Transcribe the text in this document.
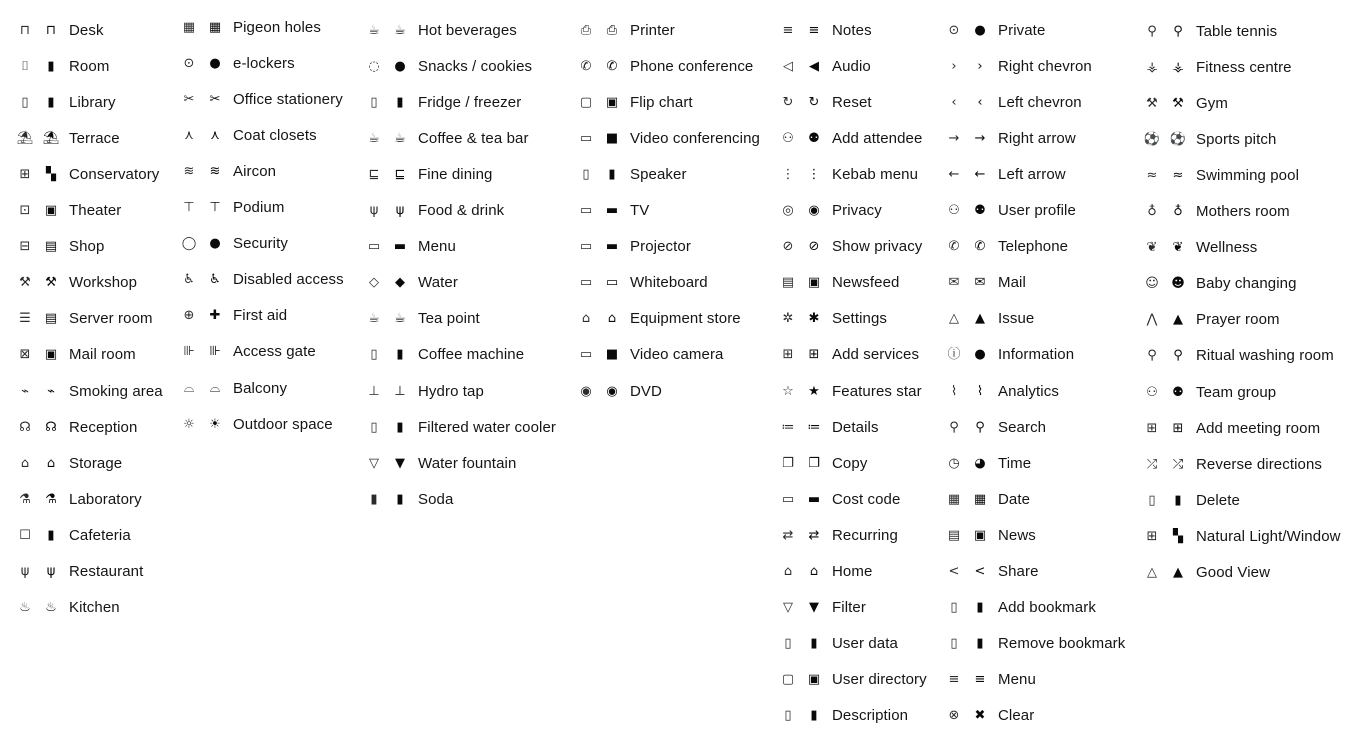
⊓ ⊓ Desk
⌷	▮ Room
▯	▮ Library
⛱ ⛱ Terrace
⊞ ▚ Conservatory
⊡ ▣ Theater
⊟ ▤ Shop
⚒ ⚒ Workshop
☰ ▤ Server room
⊠ ▣ Mail room
⌁	⌁ Smoking area
☊ ☊ Reception
⌂ ⌂ Storage
⚗ ⚗ Laboratory
☐	▮ Cafeteria
ψ ψ Restaurant
♨ ♨ Kitchen
▦ ▦ Pigeon holes
⊙ ● e-lockers
✂ ✂ Office stationery
⋏ ⋏ Coat closets
≋ ≋ Aircon
⊤ ⊤ Podium
◯ ● Security
♿ ♿ Disabled access
⊕ ✚ First aid
⊪ ⊪ Access gate
⌓ ⌓ Balcony
☼ ☀ Outdoor space
☕ ☕ Hot beverages
◌ ● Snacks / cookies
▯	▮ Fridge / freezer
☕ ☕ Coffee & tea bar
⊑ ⊑ Fine dining
ψ ψ Food & drink
▭ ▬ Menu
◇ ◆ Water
☕ ☕ Tea point
▯	▮ Coffee machine
⊥ ⊥ Hydro tap
▯	▮ Filtered water cooler
▽ ▼ Water fountain
▮	▮ Soda
⎙ ⎙ Printer
✆ ✆ Phone conference
▢ ▣ Flip chart
▭ ■ Video conferencing
▯	▮ Speaker
▭ ▬ TV
▭ ▬ Projector
▭ ▭ Whiteboard
⌂ ⌂ Equipment store
▭ ■ Video camera
◉ ◉ DVD
≡ ≡ Notes
◁ ◀ Audio
↻ ↻ Reset
⚇ ⚉ Add attendee
⋮ ⋮ Kebab menu
◎ ◉ Privacy
⊘ ⊘ Show privacy
▤ ▣ Newsfeed
✲ ✱ Settings
⊞ ⊞ Add services
☆ ★ Features star
≔ ≔ Details
❐ ❐ Copy
▭ ▬ Cost code
⇄ ⇄ Recurring
⌂ ⌂ Home
▽ ▼ Filter
▯	▮ User data
▢ ▣ User directory
▯	▮ Description
⊙ ● Private
›	›	Right chevron
‹	‹	Left chevron
→ → Right arrow
← ← Left arrow
⚇ ⚉ User profile
✆ ✆ Telephone
✉ ✉ Mail
△ ▲ Issue
ⓘ ● Information
⌇	⌇ Analytics
⚲ ⚲ Search
◷ ◕ Time
▦ ▦ Date
▤ ▣ News
< < Share
▯	▮ Add bookmark
▯	▮ Remove bookmark
≡ ≡ Menu
⊗ ✖ Clear
⚲ ⚲ Table tennis
⚶ ⚶ Fitness centre
⚒ ⚒ Gym
⚽ ⚽ Sports pitch
≈ ≈ Swimming pool
♁ ♁ Mothers room
❦ ❦ Wellness
☺ ☻ Baby changing
⋀ ▲ Prayer room
⚲ ⚲ Ritual washing room
⚇ ⚉ Team group
⊞ ⊞ Add meeting room
⤮ ⤮ Reverse directions
▯	▮ Delete
⊞ ▚ Natural Light/Window
△ ▲ Good View
